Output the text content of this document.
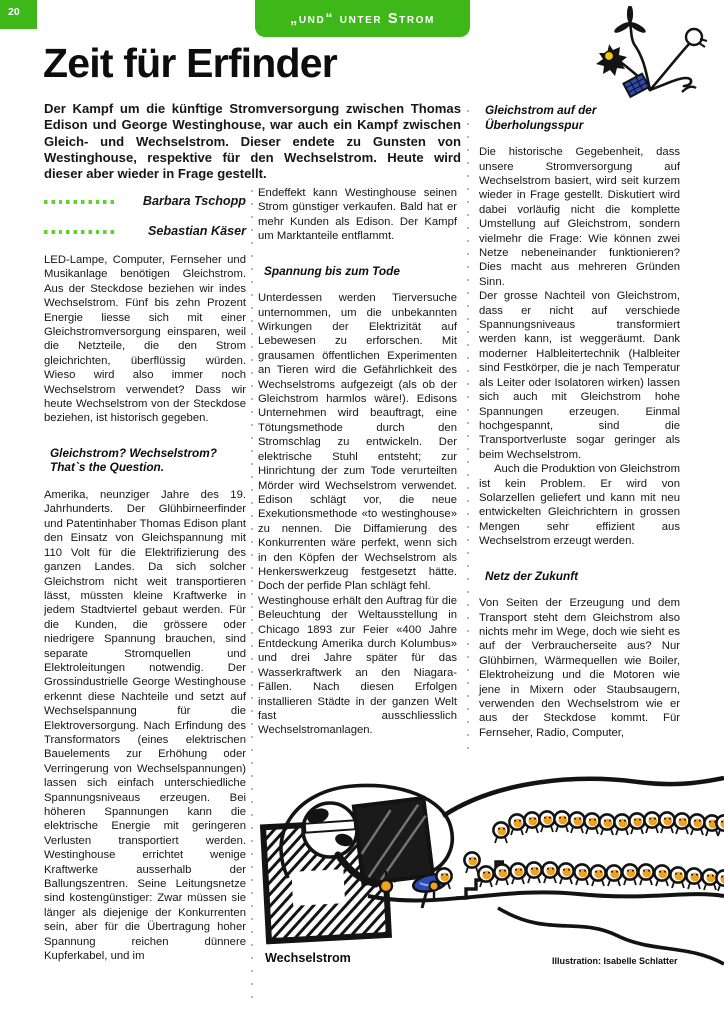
20	„und“ unter Strom
Zeit für Erfinder

Der Kampf um die künftige Stromversorgung zwischen Thomas Edison und George Westinghouse, war auch ein Kampf zwischen Gleich- und Wechselstrom. Dieser endete zu Gunsten von Westinghouse, respektive für den Wechselstrom. Heute wird dieser aber wieder in Frage gestellt.

Barbara Tschopp
Sebastian Käser

LED-Lampe, Computer, Fernseher und Musikanlage benötigen Gleichstrom. Aus der Steckdose beziehen wir indes Wechselstrom. Fünf bis zehn Prozent Energie liesse sich mit einer Gleichstromversorgung einsparen, weil die Netzteile, die den Strom gleichrichten, überflüssig würden. Wieso wird also immer noch Wechselstrom verwendet? Dass wir heute Wechselstrom von der Steckdose beziehen, ist historisch gegeben.

Gleichstrom? Wechselstrom? That`s the Question.

Amerika, neunziger Jahre des 19. Jahrhunderts. Der Glühbirneerfinder und Patentinhaber Thomas Edison plant den Einsatz von Gleichspannung mit 110 Volt für die Elektrifizierung des ganzen Landes. Da sich solcher Gleichstrom nicht weit transportieren lässt, müssten kleine Kraftwerke in jedem Stadtviertel gebaut werden. Für die Kunden, die grössere oder niedrigere Spannung brauchen, sind separate Stromquellen und Elektroleitungen notwendig. Der Grossindustrielle George Westinghouse erkennt diese Nachteile und setzt auf Wechselspannung für die Elektroversorgung. Nach Erfindung des Transformators (eines elektrischen Bauelements zur Erhöhung oder Verringerung von Wechselspannungen) lassen sich einfach unterschiedliche Spannungsniveaus erzeugen. Bei höheren Spannungen kann die elektrische Energie mit geringeren Verlusten transportiert werden. Westinghouse errichtet wenige Kraftwerke ausserhalb der Ballungszentren. Seine Leitungsnetze sind kostengünstiger: Zwar müssen sie länger als diejenige der Konkurrenten sein, aber für die Übertragung hoher Spannung reichen dünnere Kupferkabel, und im

Endeffekt kann Westinghouse seinen Strom günstiger verkaufen. Bald hat er mehr Kunden als Edison. Der Kampf um Marktanteile entflammt.

Spannung bis zum Tode

Unterdessen werden Tierversuche unternommen, um die unbekannten Wirkungen der Elektrizität auf Lebewesen zu erforschen. Mit grausamen öffentlichen Experimenten an Tieren wird die Gefährlichkeit des Wechselstroms aufgezeigt (als ob der Gleichstrom harmlos wäre!). Edisons Unternehmen wird beauftragt, eine Tötungsmethode durch den Stromschlag zu entwickeln. Der elektrische Stuhl entsteht; zur Hinrichtung der zum Tode verurteilten Mörder wird Wechselstrom verwendet. Edison schlägt vor, die neue Exekutionsmethode «to westinghouse» zu nennen. Die Diffamierung des Konkurrenten wäre perfekt, wenn sich in den Köpfen der Wechselstrom als Henkerswerkzeug festgesetzt hätte. Doch der perfide Plan schlägt fehl.

Westinghouse erhält den Auftrag für die Beleuchtung der Weltausstellung in Chicago 1893 zur Feier «400 Jahre Entdeckung Amerika durch Kolumbus» und drei Jahre später für das Wasserkraftwerk an den Niagara-Fällen. Nach diesen Erfolgen installieren Städte in der ganzen Welt fast ausschliesslich Wechselstromanlagen.

Gleichstrom auf der Überholungsspur

Die historische Gegebenheit, dass unsere Stromversorgung auf Wechselstrom basiert, wird seit kurzem wieder in Frage gestellt. Diskutiert wird dabei vorläufig nicht die komplette Umstellung auf Gleichstrom, sondern vielmehr die Frage: Wie können zwei Netze nebeneinander funktionieren? Dies macht aus mehreren Gründen Sinn.

Der grosse Nachteil von Gleichstrom, dass er nicht auf verschiede Spannungsniveaus transformiert werden kann, ist weggeräumt. Dank moderner Halbleitertechnik (Halbleiter sind Festkörper, die je nach Temperatur als Leiter oder Isolatoren wirken) lassen sich auch mit Gleichstrom hohe Spannungen erzeugen. Einmal hochgespannt, sind die Transportverluste sogar geringer als beim Wechselstrom.

Auch die Produktion von Gleichstrom ist kein Problem. Er wird von Solarzellen geliefert und kann mit neu entwickelten Gleichrichtern in grossen Mengen sehr effizient aus Wechselstrom erzeugt werden.

Netz der Zukunft

Von Seiten der Erzeugung und dem Transport steht dem Gleichstrom also nichts mehr im Wege, doch wie sieht es auf der Verbraucherseite aus? Nur Glühbirnen, Wärmequellen wie Boiler, Elektroheizung und die Motoren wie jene in Mixern oder Staubsaugern, verwenden den Wechselstrom wie er aus der Steckdose kommt. Für Fernseher, Radio, Computer,

Wechselstrom	Illustration: Isabelle Schlatter
